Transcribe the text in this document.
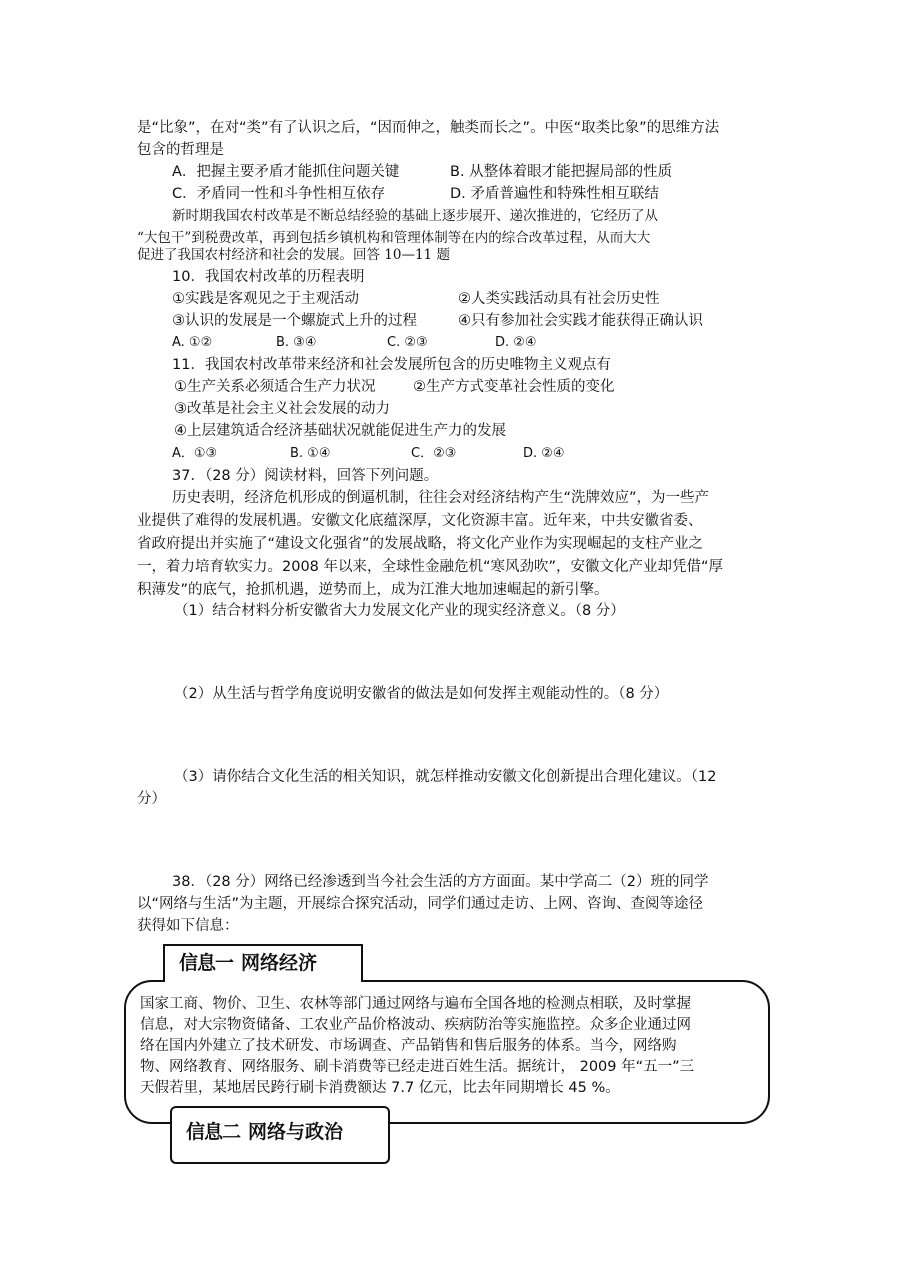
是“比象”，在对“类”有了认识之后，“因而伸之，触类而长之”。中医“取类比象”的思维方法
包含的哲理是
A．把握主要矛盾才能抓住问题关键	B. 从整体着眼才能把握局部的性质
C．矛盾同一性和斗争性相互依存	D. 矛盾普遍性和特殊性相互联结
新时期我国农村改革是不断总结经验的基础上逐步展开、递次推进的，它经历了从
“大包干”到税费改革，再到包括乡镇机构和管理体制等在内的综合改革过程，从而大大
促进了我国农村经济和社会的发展。回答 10—11 题
10．我国农村改革的历程表明
①实践是客观见之于主观活动	②人类实践活动具有社会历史性
③认识的发展是一个螺旋式上升的过程	④只有参加社会实践才能获得正确认识
A. ①②	B. ③④	C. ②③	D. ②④
11．我国农村改革带来经济和社会发展所包含的历史唯物主义观点有
①生产关系必须适合生产力状况	②生产方式变革社会性质的变化
③改革是社会主义社会发展的动力
④上层建筑适合经济基础状况就能促进生产力的发展
A．①③	B. ①④	C．②③	D. ②④
37．（28 分）阅读材料，回答下列问题。
历史表明，经济危机形成的倒逼机制，往往会对经济结构产生“洗牌效应”，为一些产
业提供了难得的发展机遇。安徽文化底蕴深厚，文化资源丰富。近年来，中共安徽省委、
省政府提出并实施了“建设文化强省”的发展战略，将文化产业作为实现崛起的支柱产业之
一，着力培育软实力。2008 年以来，全球性金融危机“寒风劲吹”，安徽文化产业却凭借“厚
积薄发”的底气，抢抓机遇，逆势而上，成为江淮大地加速崛起的新引擎。
（1）结合材料分析安徽省大力发展文化产业的现实经济意义。（8 分）
（2）从生活与哲学角度说明安徽省的做法是如何发挥主观能动性的。（8 分）
（3）请你结合文化生活的相关知识，就怎样推动安徽文化创新提出合理化建议。（12
分）
38．（28 分）网络已经渗透到当今社会生活的方方面面。某中学高二（2）班的同学
以“网络与生活”为主题，开展综合探究活动，同学们通过走访、上网、咨询、查阅等途径
获得如下信息：
国家工商、物价、卫生、农林等部门通过网络与遍布全国各地的检测点相联，及时掌握
信息，对大宗物资储备、工农业产品价格波动、疾病防治等实施监控。众多企业通过网
络在国内外建立了技术研发、市场调查、产品销售和售后服务的体系。当今，网络购
物、网络教育、网络服务、刷卡消费等已经走进百姓生活。据统计， 2009 年“五一”三
天假若里，某地居民跨行刷卡消费额达 7.7 亿元，比去年同期增长 45 %。
信息一 网络经济
信息二 网络与政治
